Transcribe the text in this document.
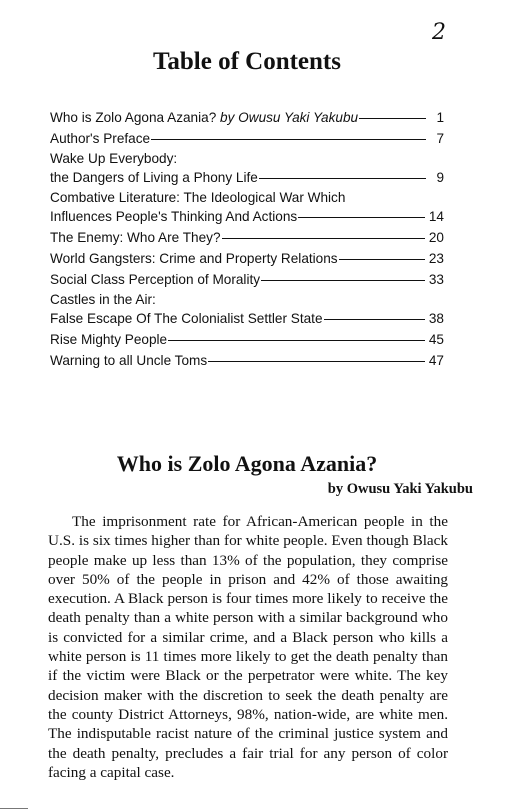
2
Table of Contents
Who is Zolo Agona Azania? by Owusu Yaki Yakubu	1
Author's Preface	7
Wake Up Everybody:
the Dangers of Living a Phony Life	9
Combative Literature: The Ideological War Which
Influences People's Thinking And Actions	14
The Enemy: Who Are They?	20
World Gangsters: Crime and Property Relations	23
Social Class Perception of Morality	33
Castles in the Air:
False Escape Of The Colonialist Settler State	38
Rise Mighty People	45
Warning to all Uncle Toms	47
Who is Zolo Agona Azania?
by Owusu Yaki Yakubu

The imprisonment rate for African-American people in the U.S. is six times higher than for white people. Even though Black people make up less than 13% of the population, they comprise over 50% of the people in prison and 42% of those awaiting execution. A Black person is four times more likely to receive the death penalty than a white person with a similar background who is convicted for a similar crime, and a Black person who kills a white person is 11 times more likely to get the death penalty than if the victim were Black or the perpetrator were white. The key decision maker with the discretion to seek the death penalty are the county District Attorneys, 98%, nation-wide, are white men. The indisputable racist nature of the criminal justice system and the death penalty, precludes a fair trial for any person of color facing a capital case.
